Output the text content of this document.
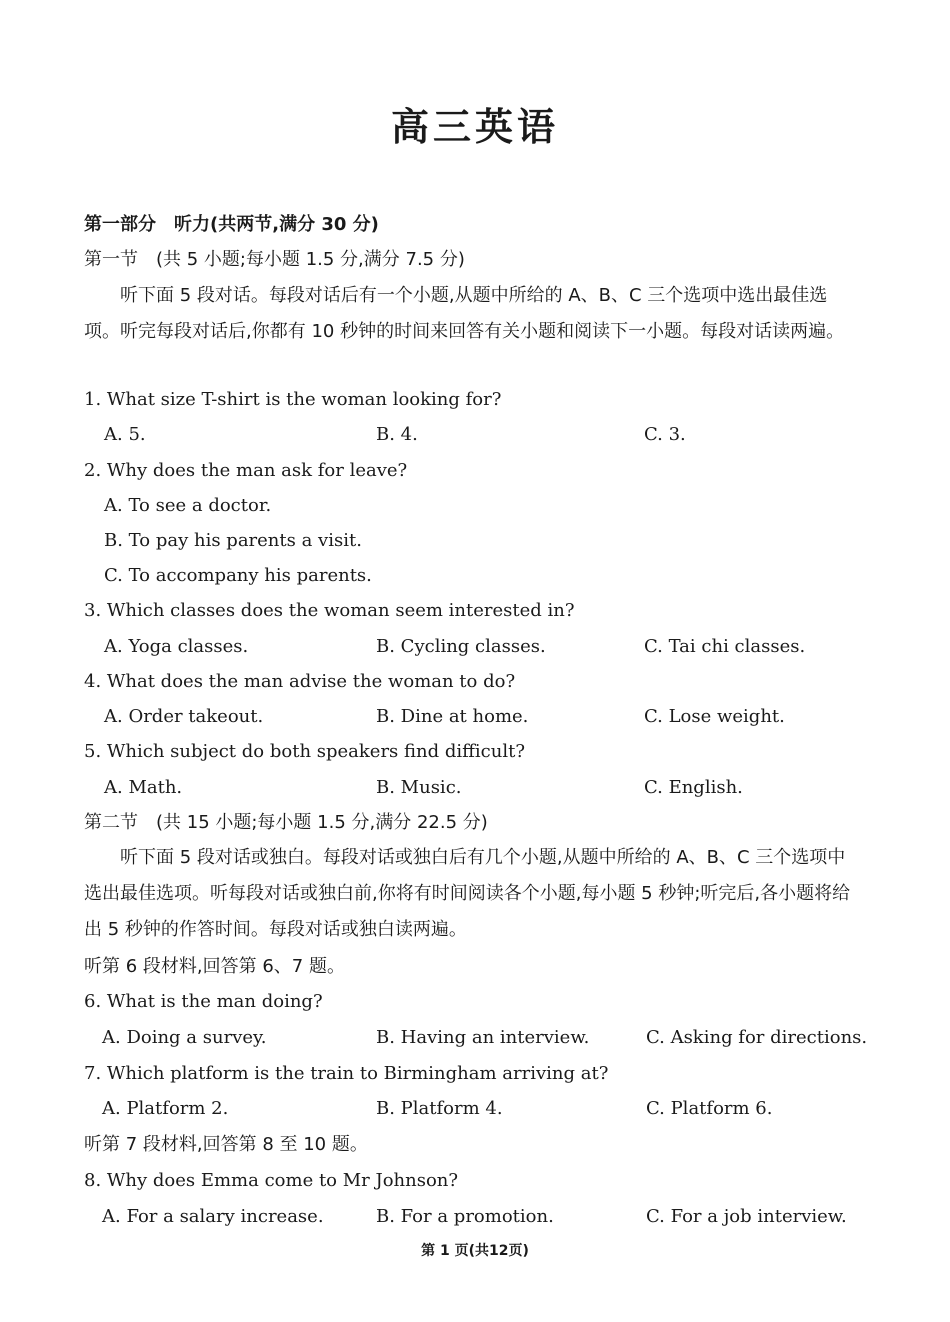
高三英语
第一部分　听力(共两节,满分 30 分)
第一节　(共 5 小题;每小题 1.5 分,满分 7.5 分)
听下面 5 段对话。每段对话后有一个小题,从题中所给的 A、B、C 三个选项中选出最佳选项。听完每段对话后,你都有 10 秒钟的时间来回答有关小题和阅读下一小题。每段对话读两遍。
1. What size T-shirt is the woman looking for?
A. 5.	B. 4.	C. 3.
2. Why does the man ask for leave?
A. To see a doctor.
B. To pay his parents a visit.
C. To accompany his parents.
3. Which classes does the woman seem interested in?
A. Yoga classes.	B. Cycling classes.	C. Tai chi classes.
4. What does the man advise the woman to do?
A. Order takeout.	B. Dine at home.	C. Lose weight.
5. Which subject do both speakers find difficult?
A. Math.	B. Music.	C. English.
第二节　(共 15 小题;每小题 1.5 分,满分 22.5 分)
听下面 5 段对话或独白。每段对话或独白后有几个小题,从题中所给的 A、B、C 三个选项中选出最佳选项。听每段对话或独白前,你将有时间阅读各个小题,每小题 5 秒钟;听完后,各小题将给出 5 秒钟的作答时间。每段对话或独白读两遍。
听第 6 段材料,回答第 6、7 题。
6. What is the man doing?
A. Doing a survey.	B. Having an interview.	C. Asking for directions.
7. Which platform is the train to Birmingham arriving at?
A. Platform 2.	B. Platform 4.	C. Platform 6.
听第 7 段材料,回答第 8 至 10 题。
8. Why does Emma come to Mr Johnson?
A. For a salary increase.	B. For a promotion.	C. For a job interview.
第 1 页(共12页)
